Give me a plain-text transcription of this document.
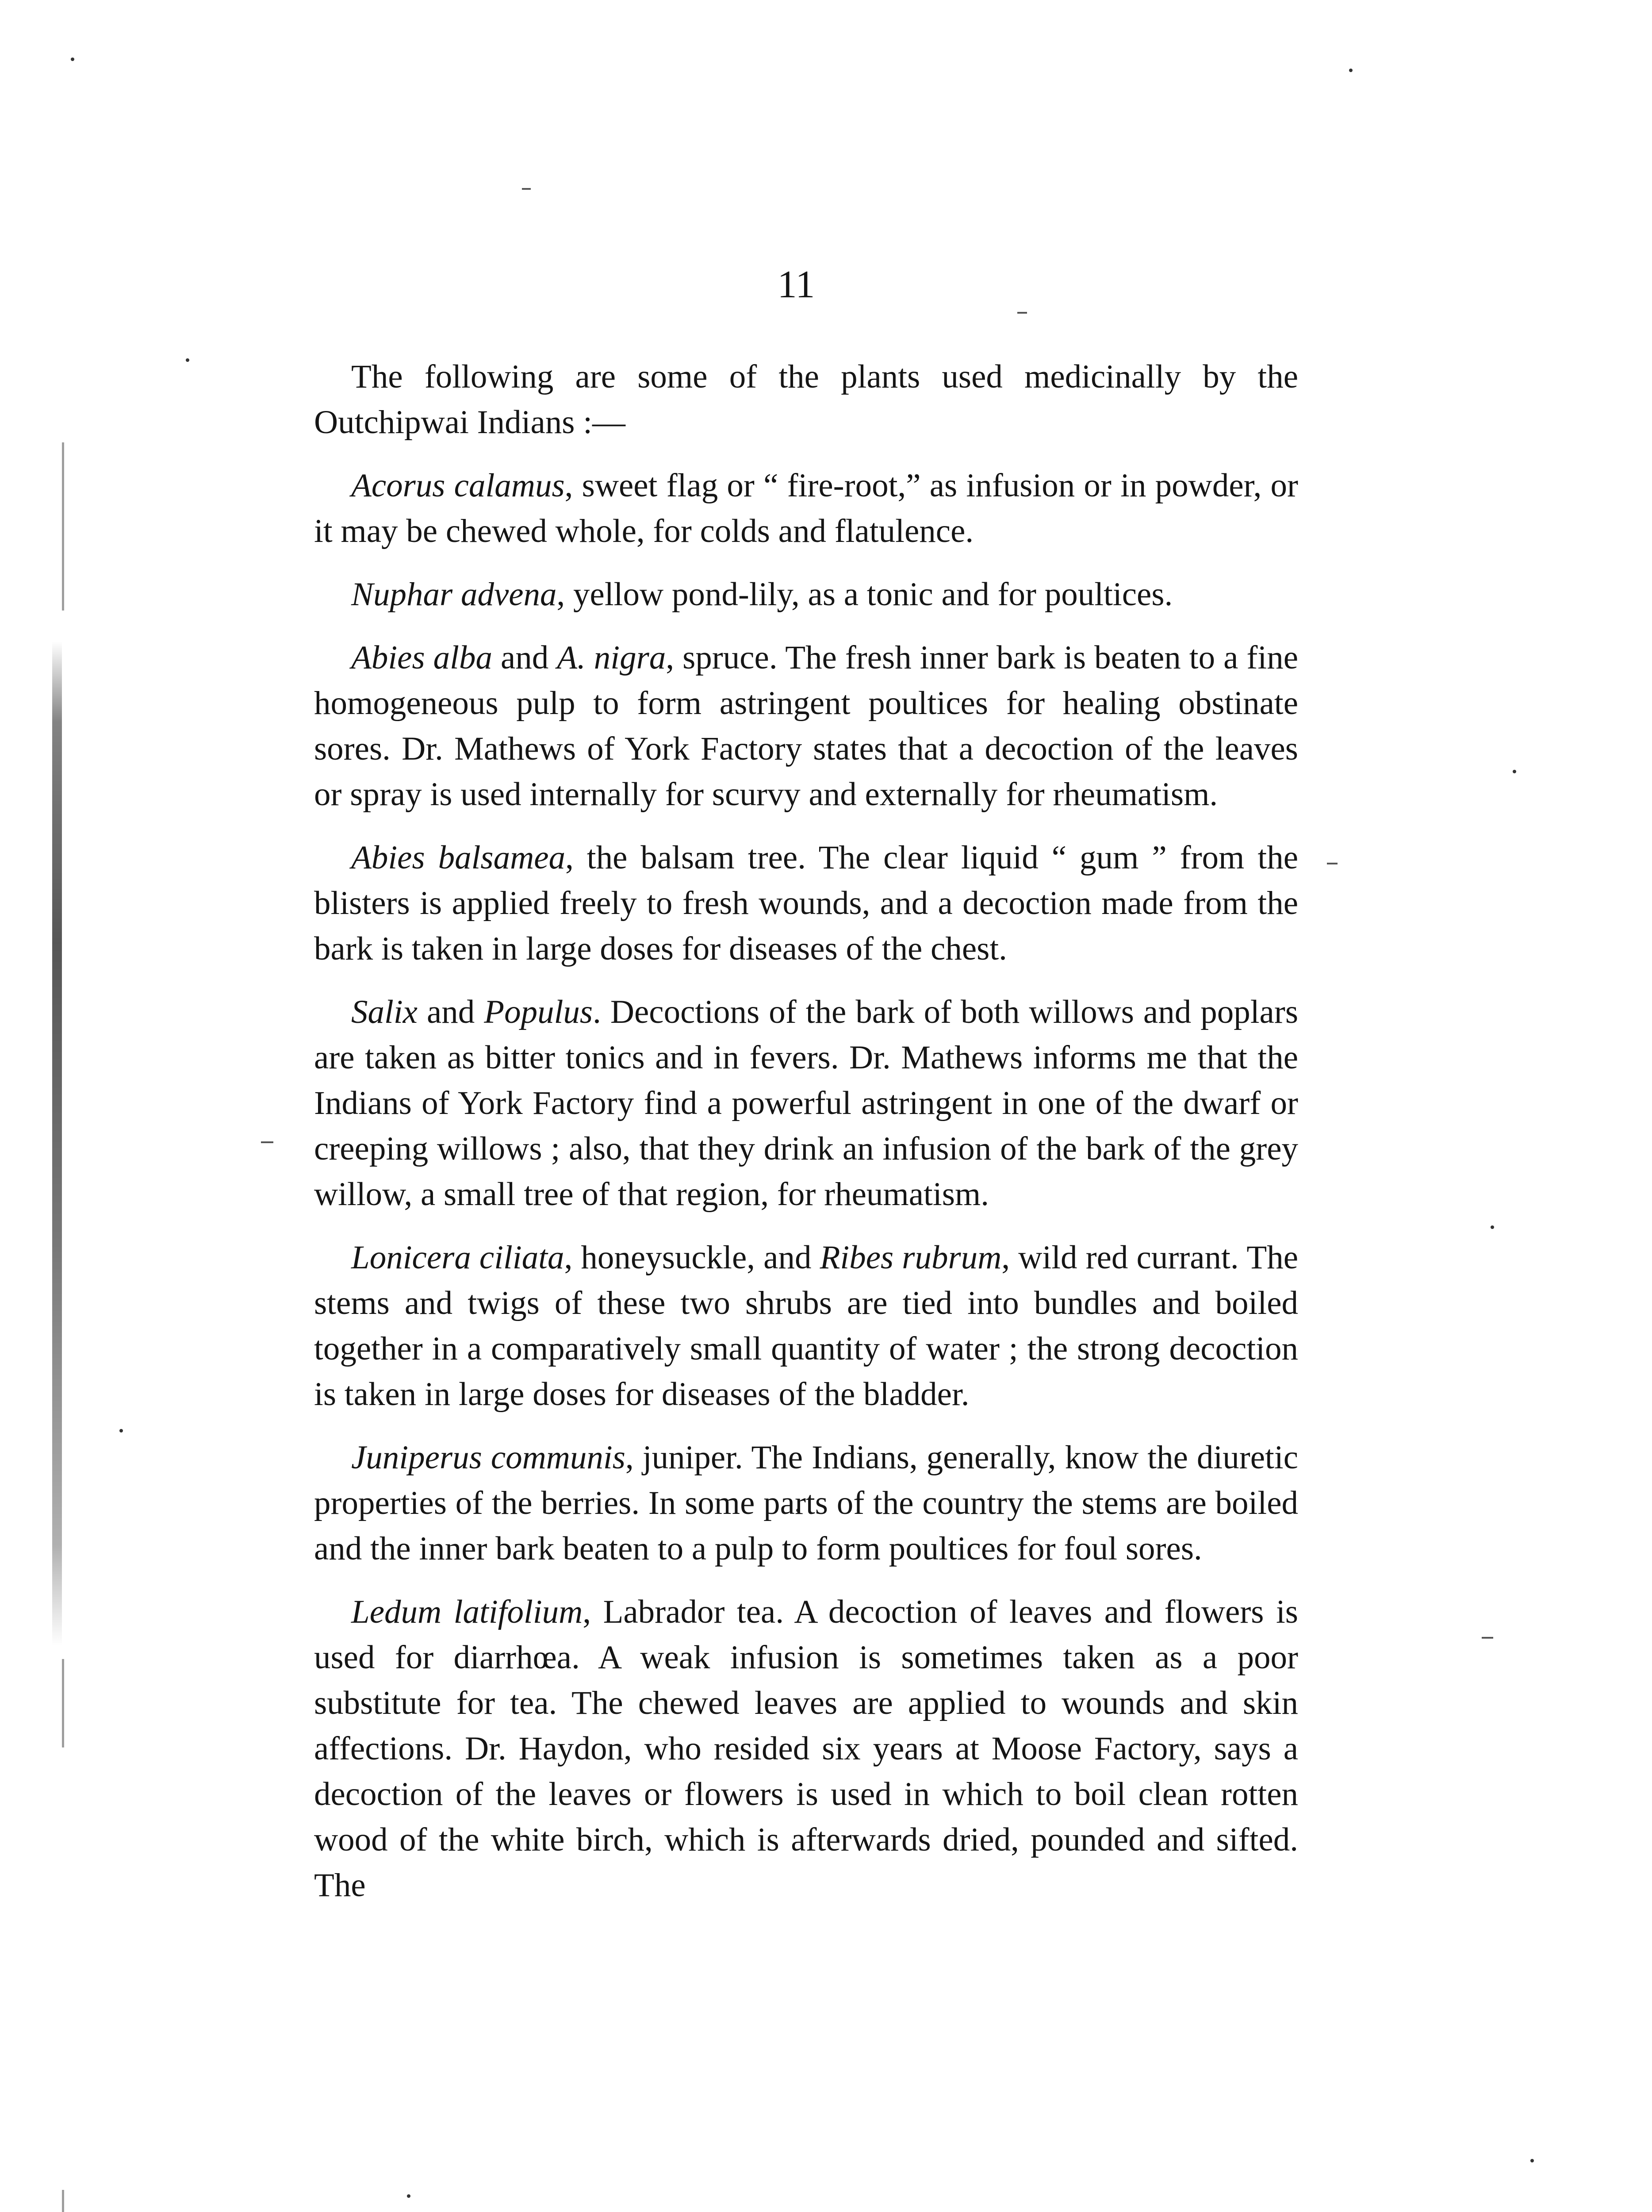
11

The following are some of the plants used medicinally by the Outchipwai Indians :—

Acorus calamus, sweet flag or “ fire-root,” as infusion or in powder, or it may be chewed whole, for colds and flatulence.

Nuphar advena, yellow pond-lily, as a tonic and for poultices.

Abies alba and A. nigra, spruce. The fresh inner bark is beaten to a fine homogeneous pulp to form astringent poultices for healing obstinate sores. Dr. Mathews of York Factory states that a decoction of the leaves or spray is used internally for scurvy and externally for rheumatism.

Abies balsamea, the balsam tree. The clear liquid “ gum ” from the blisters is applied freely to fresh wounds, and a decoction made from the bark is taken in large doses for diseases of the chest.

Salix and Populus. Decoctions of the bark of both willows and poplars are taken as bitter tonics and in fevers. Dr. Mathews informs me that the Indians of York Factory find a powerful astringent in one of the dwarf or creeping willows ; also, that they drink an infusion of the bark of the grey willow, a small tree of that region, for rheumatism.

Lonicera ciliata, honeysuckle, and Ribes rubrum, wild red currant. The stems and twigs of these two shrubs are tied into bundles and boiled together in a comparatively small quantity of water ; the strong decoction is taken in large doses for diseases of the bladder.

Juniperus communis, juniper. The Indians, generally, know the diuretic properties of the berries. In some parts of the country the stems are boiled and the inner bark beaten to a pulp to form poultices for foul sores.

Ledum latifolium, Labrador tea. A decoction of leaves and flowers is used for diarrhœa. A weak infusion is sometimes taken as a poor substitute for tea. The chewed leaves are applied to wounds and skin affections. Dr. Haydon, who resided six years at Moose Factory, says a decoction of the leaves or flowers is used in which to boil clean rotten wood of the white birch, which is afterwards dried, pounded and sifted. The
